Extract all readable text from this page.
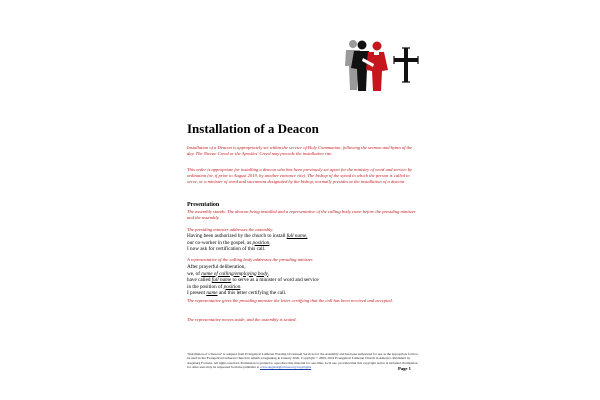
Installation of a Deacon

Installation of a Deacon is appropriately set within the service of Holy Communion, following the sermon and hymn of the day. The Nicene Creed or the Apostles' Creed may precede the installation rite.

This order is appropriate for installing a deacon who has been previously set apart for the ministry of word and service by ordination (or, if prior to August 2019, by another entrance rite). The bishop of the synod to which the person is called to serve, or a minister of word and sacrament designated by the bishop, normally presides at the installation of a deacon.

Presentation

The assembly stands. The deacon being installed and a representative of the calling body come before the presiding minister and the assembly.

The presiding minister addresses the assembly.

Having been authorized by the church to install full name,
our co-worker in the gospel, as position,
I now ask for certification of this call.

A representative of the calling body addresses the presiding minister.

After prayerful deliberation,
we, of name of calling/employing body,
have called full name to serve as a minister of word and service
in the position of position.
I present name and this letter certifying the call.

The representative gives the presiding minister the letter certifying that the call has been received and accepted.

The representative moves aside, and the assembly is seated.

"Installation of a Deacon" is adapted from Evangelical Lutheran Worship Occasional Services for the Assembly and has been authorized for use as the appropriate form to be used in the Evangelical Lutheran Church in America beginning in January 2020. Copyright © 2009, 2019 Evangelical Lutheran Church in America. Published by Augsburg Fortress. All rights reserved. Permission is granted to reproduce this material for one-time, local use, provided that this copyright notice is included. Permission for other uses may be requested from the publisher at www.augsburgfortress.org/copyrights	Page 1
